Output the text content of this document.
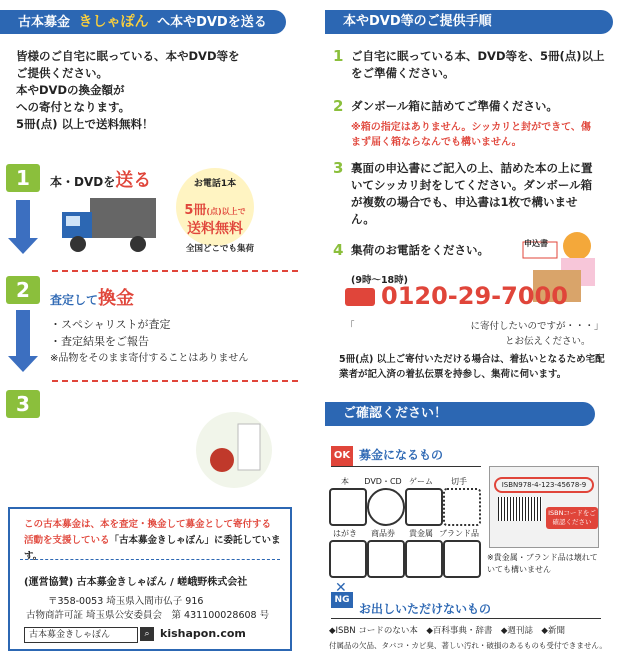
古本募金 きしゃぽん へ本やDVDを送る
皆様のご自宅に眠っている、本やDVD等を
ご提供ください。
本やDVDの換金額が
への寄付となります。
5冊(点) 以上で送料無料！
1	本・DVDを送る	お電話1本
5冊(点)以上で
送料無料
全国どこでも集荷
2	査定して換金
・スペシャリストが査定
・査定結果をご報告
※品物をそのまま寄付することはありません
3
この古本募金は、本を査定・換金して募金として寄付する
活動を支援している「古本募金きしゃぽん」に委託しています。
(運営協賛) 古本募金きしゃぽん / 嵯峨野株式会社
〒358-0053 埼玉県入間市仏子 916
古物商許可証 埼玉県公安委員会　第 431100028608 号
古本募金きしゃぽん	⌕ kishapon.com
本やDVD等のご提供手順
1 ご自宅に眠っている本、DVD等を、5冊(点)以上をご準備ください。
2 ダンボール箱に詰めてご準備ください。
※箱の指定はありません。シッカリと封ができて、傷まず届く箱ならなんでも構いません。
3 裏面の申込書にご記入の上、詰めた本の上に置いてシッカリ封をしてください。ダンボール箱が複数の場合でも、申込書は1枚で構いません。
4 集荷のお電話をください。	申込書
(9時～18時)
0120-29-7000
「	に寄付したいのですが・・・」
とお伝えください。
5冊(点) 以上ご寄付いただける場合は、着払いとなるため宅配業者が記入済の着払伝票を持参し、集荷に伺います。
ご確認ください！
OK 募金になるもの
本	DVD・CD ゲーム	切手
はがき	商品券	貴金属 ブランド品
ISBN978-4-123-45678-9
ISBNコードをご確認ください
※貴金属・ブランド品は壊れていても構いません
NG
✕
お出しいただけないもの
◆ISBN コードのない本　◆百科事典・辞書　◆週刊誌　◆新聞
付属品の欠品、タバコ・カビ臭、著しい汚れ・破損のあるものも受付できません。
